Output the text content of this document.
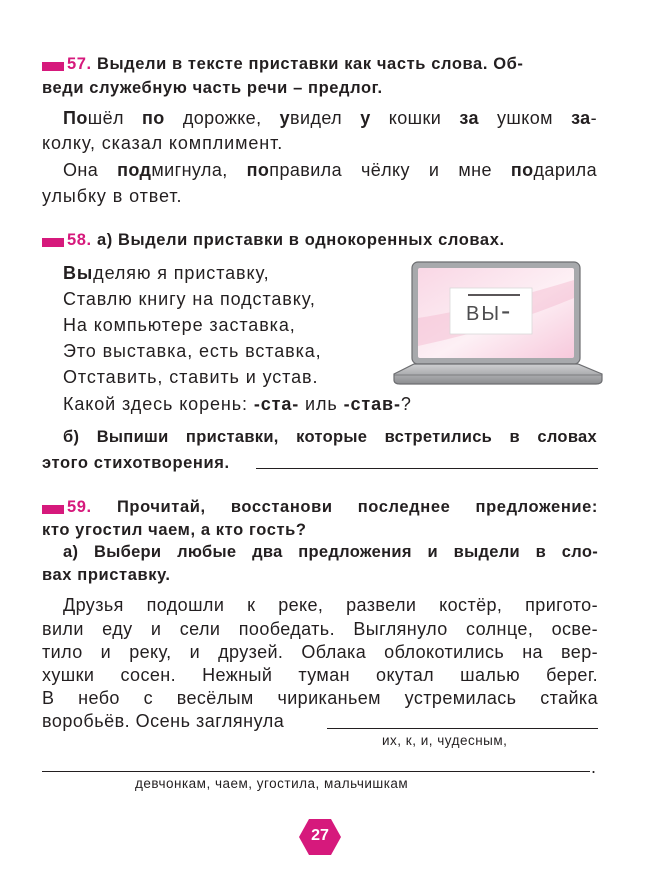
57. Выдели в тексте приставки как часть слова. Об-
веди служебную часть речи – предлог.
Пошёл по дорожке, увидел у кошки за ушком за-
колку, сказал комплимент.
Она подмигнула, поправила чёлку и мне подарила
улыбку в ответ.
58. а) Выдели приставки в однокоренных словах.
Выделяю я приставку,
Ставлю книгу на подставку,
На компьютере заставка,
Это выставка, есть вставка,
Отставить, ставить и устав.
Какой здесь корень: -ста- иль -став-?
вы-
б) Выпиши приставки, которые встретились в словах
этого стихотворения.
59. Прочитай, восстанови последнее предложение:
кто угостил чаем, а кто гость?
а) Выбери любые два предложения и выдели в сло-
вах приставку.
Друзья подошли к реке, развели костёр, пригото-
вили еду и сели пообедать. Выглянуло солнце, осве-
тило и реку, и друзей. Облака облокотились на вер-
хушки сосен. Нежный туман окутал шалью берег.
В небо с весёлым чириканьем устремилась стайка
воробьёв. Осень заглянула
их, к, и, чудесным,
.
девчонкам, чаем, угостила, мальчишкам
27
